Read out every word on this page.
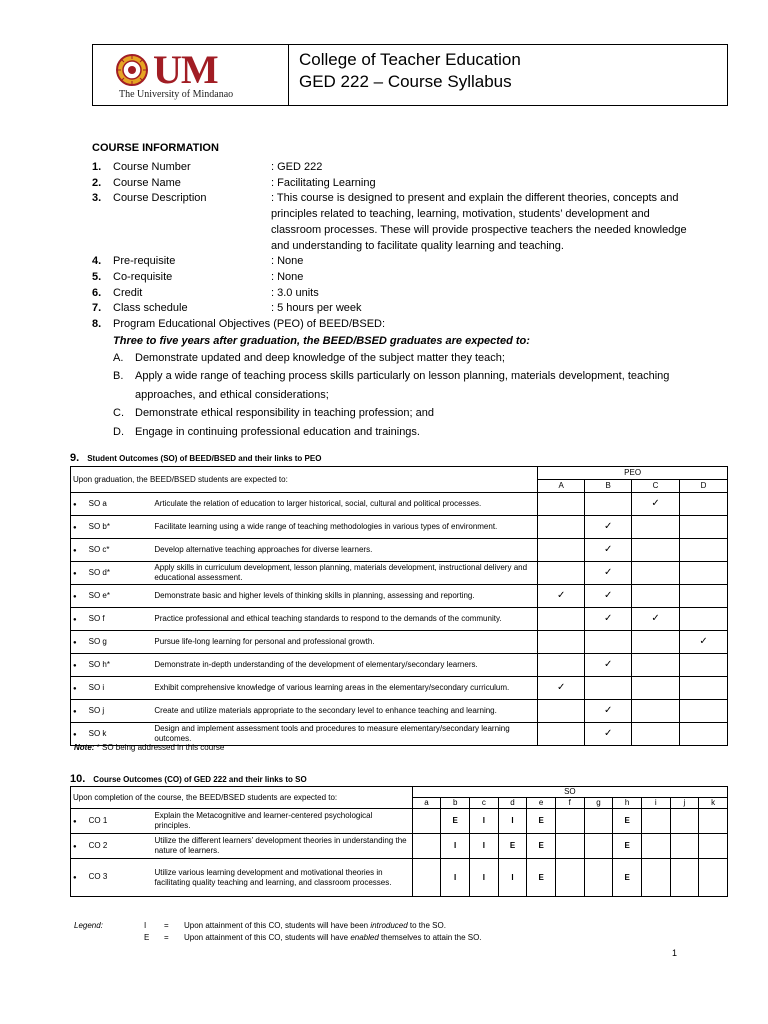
UM
The University of Mindanao
College of Teacher Education
GED 222 – Course Syllabus
COURSE INFORMATION
1.	Course Number	: GED 222
2.	Course Name	: Facilitating Learning
3.	Course Description	: This course is designed to present and explain the different theories, concepts and principles related to teaching, learning, motivation, students’ development and classroom processes. These will provide prospective teachers the needed knowledge and understanding to facilitate quality learning and teaching.
4.	Pre-requisite	: None
5.	Co-requisite	: None
6.	Credit	: 3.0 units
7.	Class schedule	: 5 hours per week
8.	Program Educational Objectives (PEO) of BEED/BSED:
Three to five years after graduation, the BEED/BSED graduates are expected to:
A.	Demonstrate updated and deep knowledge of the subject matter they teach;
B.	Apply a wide range of teaching process skills particularly on lesson planning, materials development, teaching approaches, and ethical considerations;
C.	Demonstrate ethical responsibility in teaching profession; and
D.	Engage in continuing professional education and trainings.
9. Student Outcomes (SO) of BEED/BSED and their links to PEO
Upon graduation, the BEED/BSED students are expected to:		PEO			
		A	B	C	D
● SO a	Articulate the relation of education to larger historical, social, cultural and political processes.			✓	
● SO b*	Facilitate learning using a wide range of teaching methodologies in various types of environment.		✓		
● SO c*	Develop alternative teaching approaches for diverse learners.		✓		
● SO d*	Apply skills in curriculum development, lesson planning, materials development, instructional delivery and educational assessment.		✓		
● SO e*	Demonstrate basic and higher levels of thinking skills in planning, assessing and reporting.	✓	✓		
● SO f	Practice professional and ethical teaching standards to respond to the demands of the community.		✓	✓	
● SO g	Pursue life-long learning for personal and professional growth.				✓
● SO h*	Demonstrate in-depth understanding of the development of elementary/secondary learners.		✓		
● SO i	Exhibit comprehensive knowledge of various learning areas in the elementary/secondary curriculum.	✓			
● SO j	Create and utilize materials appropriate to the secondary level to enhance teaching and learning.		✓		
● SO k	Design and implement assessment tools and procedures to measure elementary/secondary learning outcomes.		✓		
Note: * SO being addressed in this course
10. Course Outcomes (CO) of GED 222 and their links to SO
Upon completion of the course, the BEED/BSED students are expected to:		SO										
		a	b	c	d	e	f	g	h	i	j	k
● CO 1	Explain the Metacognitive and learner-centered psychological principles.		E	I	I	E			E			
● CO 2	Utilize the different learners’ development theories in understanding the nature of learners.		I	I	E	E			E			
● CO 3	Utilize various learning development and motivational theories in facilitating quality teaching and learning, and classroom processes.		I	I	I	E			E			
Legend:	I	=	Upon attainment of this CO, students will have been introduced to the SO.
E	=	Upon attainment of this CO, students will have enabled themselves to attain the SO.
1
